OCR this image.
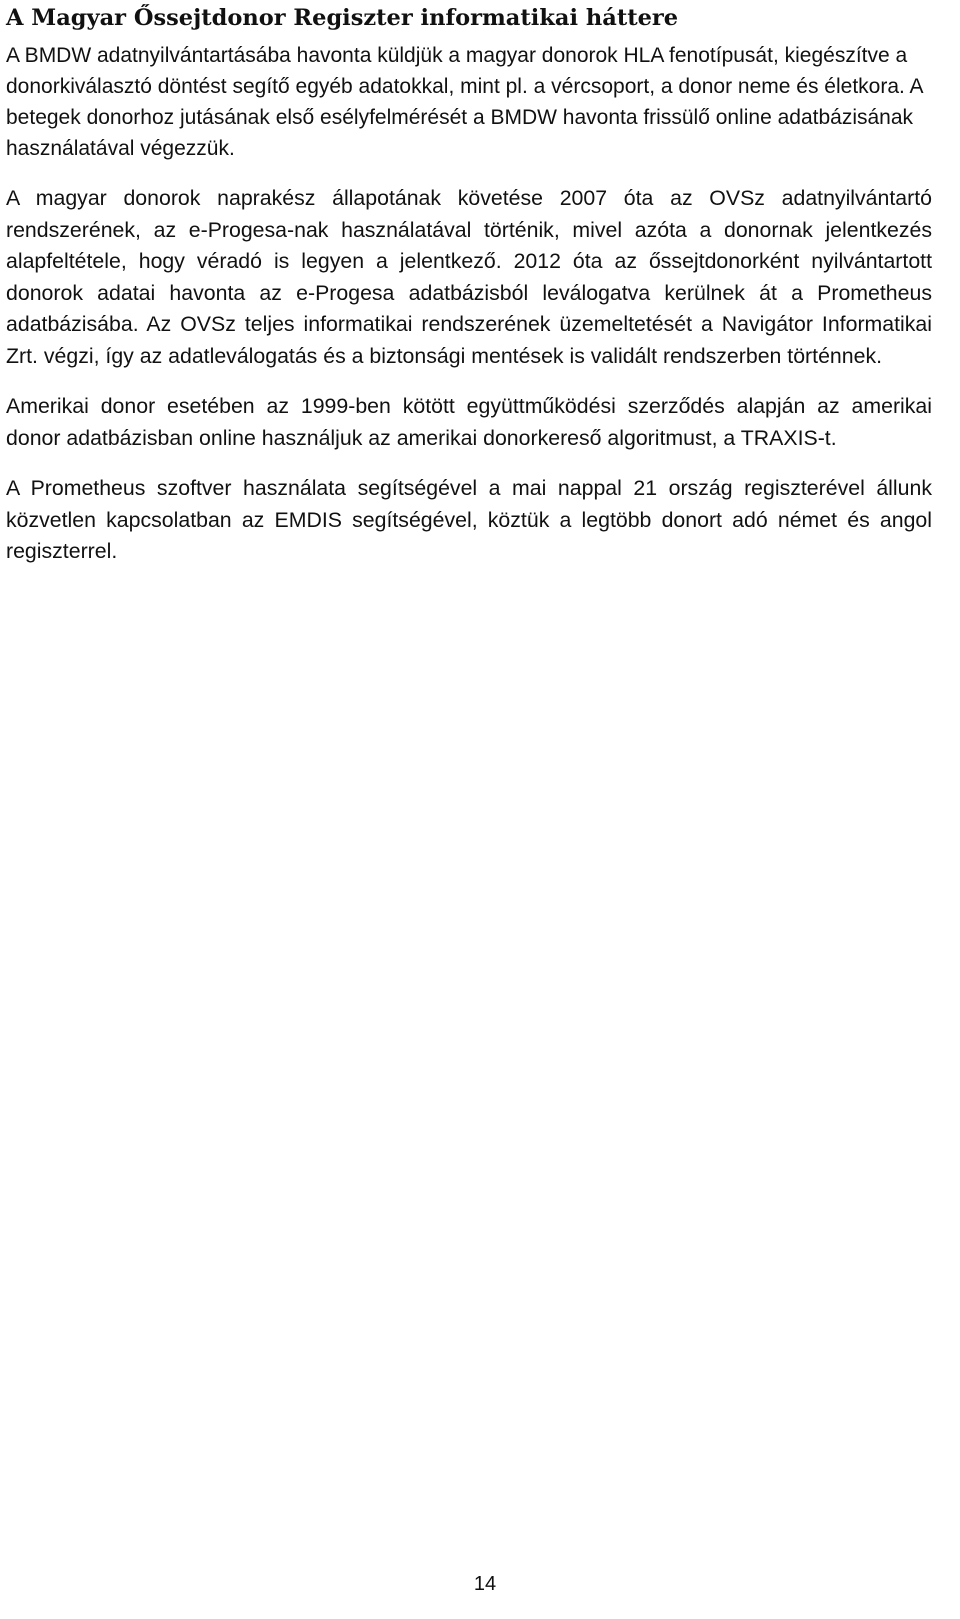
A Magyar Őssejtdonor Regiszter informatikai háttere

A BMDW adatnyilvántartásába havonta küldjük a magyar donorok HLA fenotípusát, kiegészítve a donorkiválasztó döntést segítő egyéb adatokkal, mint pl. a vércsoport, a donor neme és életkora. A betegek donorhoz jutásának első esélyfelmérését a BMDW havonta frissülő online adatbázisának használatával végezzük.

A magyar donorok naprakész állapotának követése 2007 óta az OVSz adatnyilvántartó rendszerének, az e-Progesa-nak használatával történik, mivel azóta a donornak jelentkezés alapfeltétele, hogy véradó is legyen a jelentkező. 2012 óta az őssejtdonorként nyilvántartott donorok adatai havonta az e-Progesa adatbázisból leválogatva kerülnek át a Prometheus adatbázisába. Az OVSz teljes informatikai rendszerének üzemeltetését a Navigátor Informatikai Zrt. végzi, így az adatleválogatás és a biztonsági mentések is validált rendszerben történnek.

Amerikai donor esetében az 1999-ben kötött együttműködési szerződés alapján az amerikai donor adatbázisban online használjuk az amerikai donorkereső algoritmust, a TRAXIS-t.

A Prometheus szoftver használata segítségével a mai nappal 21 ország regiszterével állunk közvetlen kapcsolatban az EMDIS segítségével, köztük a legtöbb donort adó német és angol regiszterrel.

14
